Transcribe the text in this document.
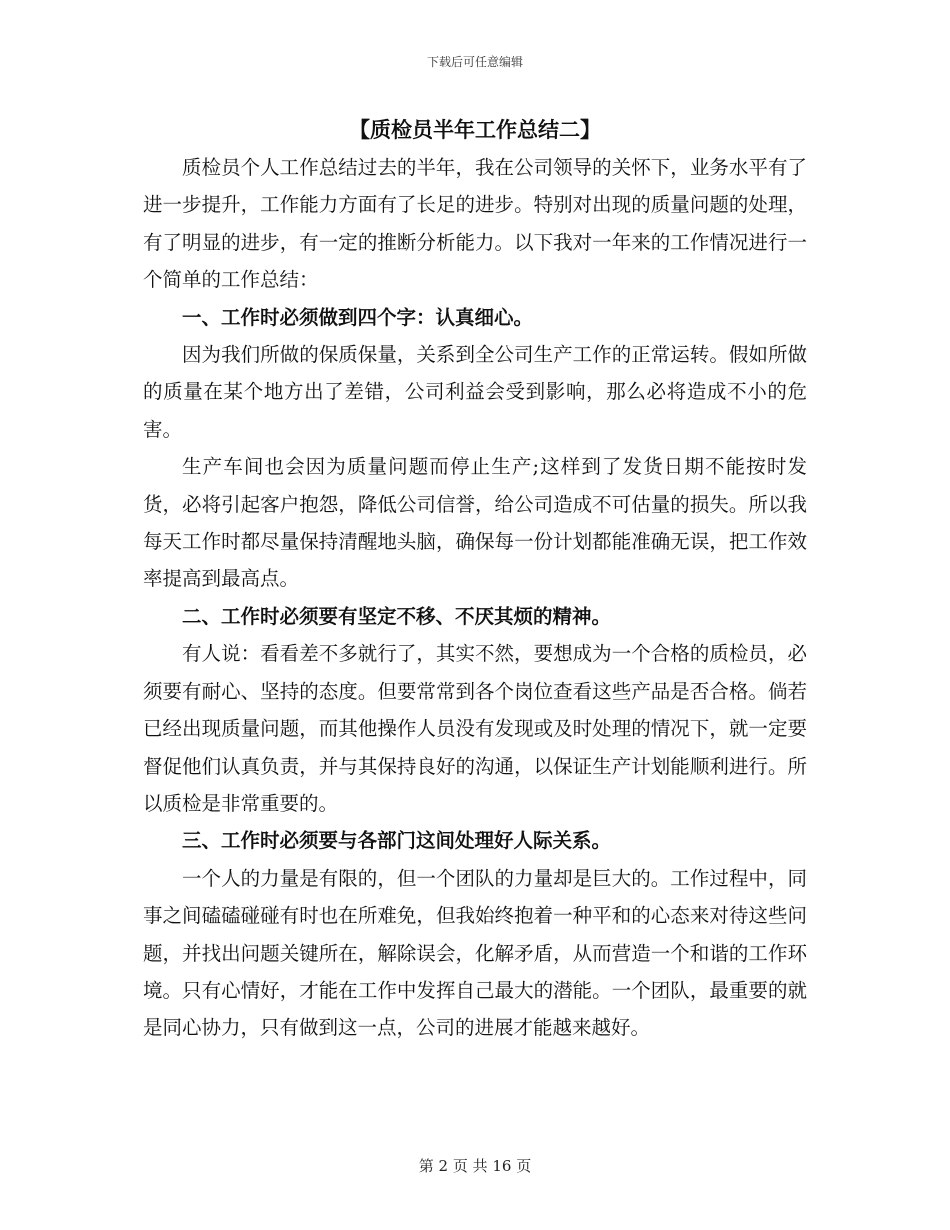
下载后可任意编辑
【质检员半年工作总结二】

质检员个人工作总结过去的半年，我在公司领导的关怀下，业务水平有了进一步提升，工作能力方面有了长足的进步。特别对出现的质量问题的处理，有了明显的进步，有一定的推断分析能力。以下我对一年来的工作情况进行一个简单的工作总结：

一、工作时必须做到四个字：认真细心。

因为我们所做的保质保量，关系到全公司生产工作的正常运转。假如所做的质量在某个地方出了差错，公司利益会受到影响，那么必将造成不小的危害。

生产车间也会因为质量问题而停止生产;这样到了发货日期不能按时发货，必将引起客户抱怨，降低公司信誉，给公司造成不可估量的损失。所以我每天工作时都尽量保持清醒地头脑，确保每一份计划都能准确无误，把工作效率提高到最高点。

二、工作时必须要有坚定不移、不厌其烦的精神。

有人说：看看差不多就行了，其实不然，要想成为一个合格的质检员，必须要有耐心、坚持的态度。但要常常到各个岗位查看这些产品是否合格。倘若已经出现质量问题，而其他操作人员没有发现或及时处理的情况下，就一定要督促他们认真负责，并与其保持良好的沟通，以保证生产计划能顺利进行。所以质检是非常重要的。

三、工作时必须要与各部门这间处理好人际关系。

一个人的力量是有限的，但一个团队的力量却是巨大的。工作过程中，同事之间磕磕碰碰有时也在所难免，但我始终抱着一种平和的心态来对待这些问题，并找出问题关键所在，解除误会，化解矛盾，从而营造一个和谐的工作环境。只有心情好，才能在工作中发挥自己最大的潜能。一个团队，最重要的就是同心协力，只有做到这一点，公司的进展才能越来越好。

第 2 页 共 16 页
